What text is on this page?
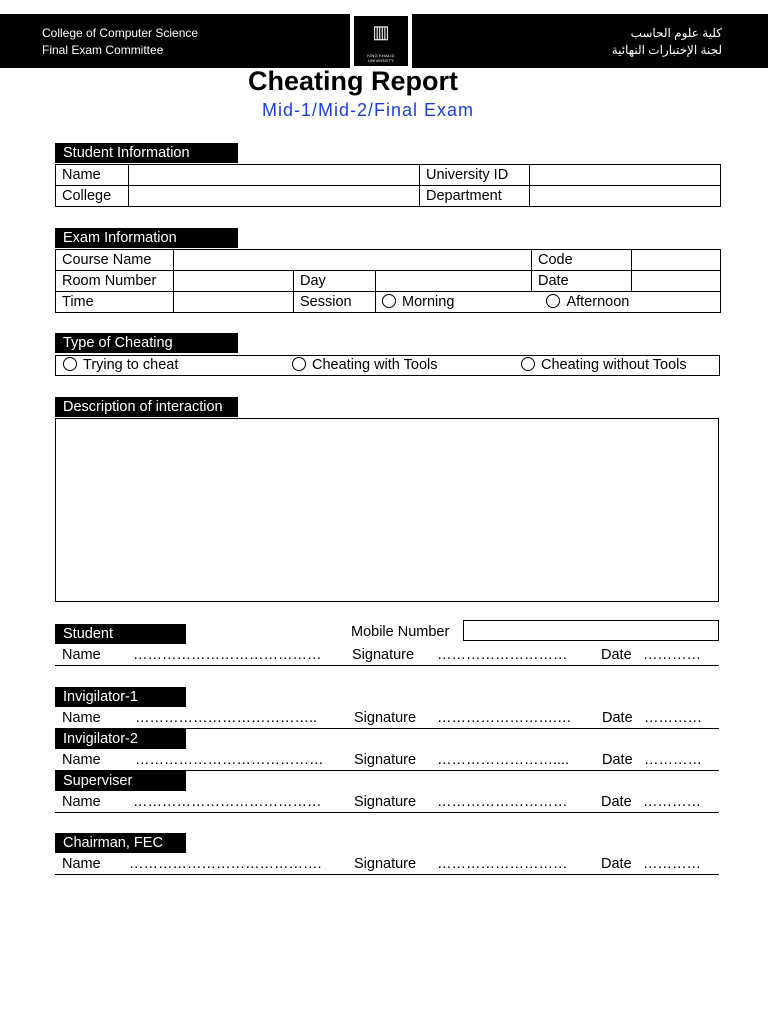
College of Computer Science
Final Exam Committee
كلية علوم الحاسب
لجنة الإختبارات النهائية
▥
KING KHALID UNIVERSITY
Cheating Report
Mid-1/Mid-2/Final Exam
Student Information
Name		University ID	
College		Department	
Exam Information
Course Name				Code	
Room Number		Day		Date	
Time		Session	Morning Afternoon		
Type of Cheating
Trying to cheat	Cheating with Tools	Cheating without Tools
Description of interaction
Student	Mobile Number
Name ………………………………… Signature ……………………… Date …………
Invigilator-1
Name ………………………………..	Signature …………………….… Date …………
Invigilator-2
Name ………………………………… Signature …………………….... Date …………
Superviser
Name ………………………………… Signature ……………………… Date …………
Chairman, FEC
Name …………………………………. Signature ……………………… Date …………
